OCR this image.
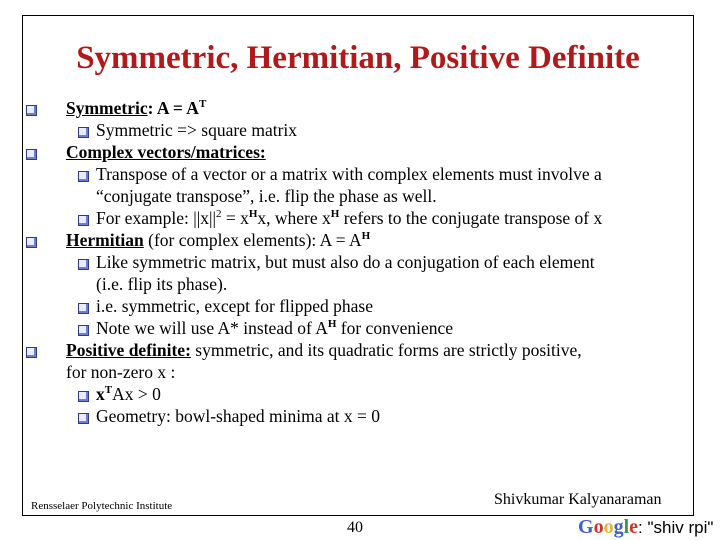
Symmetric, Hermitian, Positive Definite
Symmetric: $A = A^T$
Symmetric => square matrix
Complex vectors/matrices:
Transpose of a vector or a matrix with complex elements must involve a
“conjugate transpose”, i.e. flip the phase as well.
For example: $||x||^2 = x^Hx$, where $x^H$ refers to the conjugate transpose of x
Hermitian (for complex elements): $A = A^H$
Like symmetric matrix, but must also do a conjugation of each element
(i.e. flip its phase).
i.e. symmetric, except for flipped phase
Note we will use A* instead of $A^H$ for convenience
Positive definite: symmetric, and its quadratic forms are strictly positive,
for non-zero x :
$x^TAx > 0$
Geometry: bowl-shaped minima at x = 0
Rensselaer Polytechnic Institute	Shivkumar Kalyanaraman
40	Google: "shiv rpi"
